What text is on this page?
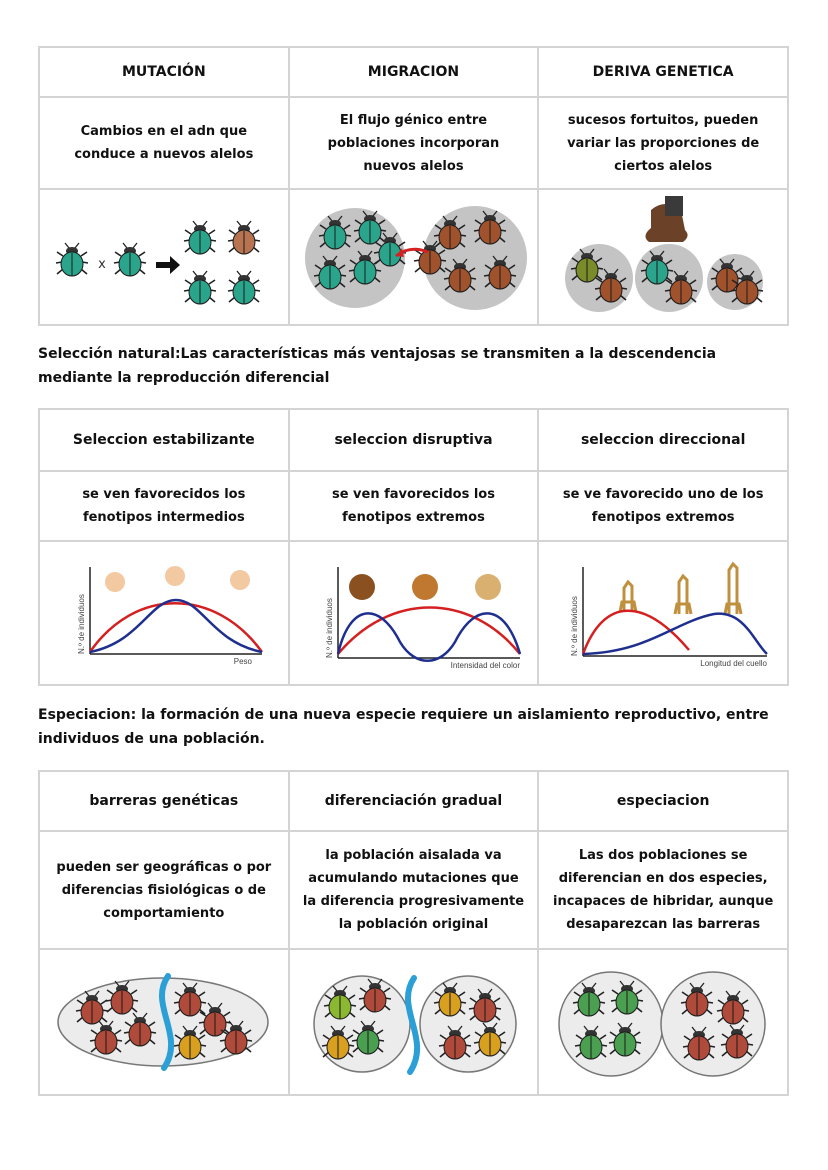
MUTACIÓN	MIGRACION	DERIVA GENETICA
Cambios en el adn que conduce a nuevos alelos	El flujo génico entre poblaciones incorporan nuevos alelos	sucesos fortuitos, pueden variar las proporciones de ciertos alelos

x

Selección natural:Las características más ventajosas se transmiten a la descendencia mediante la reproducción diferencial

Seleccion estabilizante	seleccion disruptiva	seleccion direccional
se ven favorecidos los fenotipos intermedios	se ven favorecidos los fenotipos extremos	se ve favorecido uno de los fenotipos extremos

N.º de individuos
Peso	N.º de individuos
Intensidad del color	N.º de individuos
Longitud del cuello

Especiacion: la formación de una nueva especie requiere un aislamiento reproductivo, entre individuos de una población.

barreras genéticas	diferenciación gradual	especiacion
pueden ser geográficas o por diferencias fisiológicas o de comportamiento	la población aisalada va acumulando mutaciones que la diferencia progresivamente la población original	Las dos poblaciones se diferencian en dos especies, incapaces de hibridar, aunque desaparezcan las barreras
